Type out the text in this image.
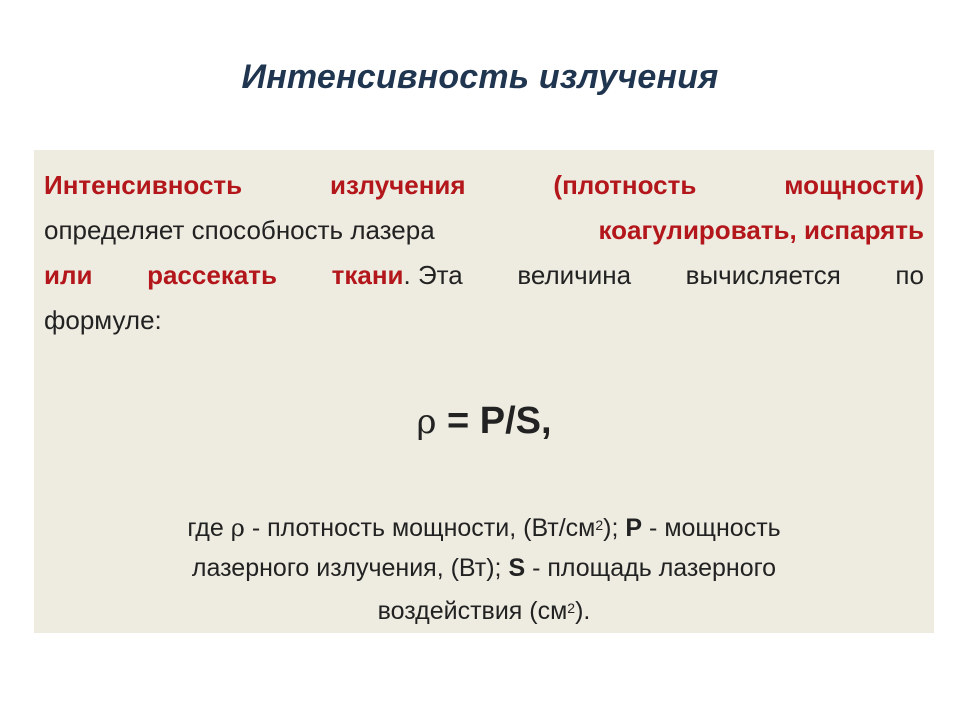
Интенсивность излучения
Интенсивность	излучения	(плотность	мощности)
определяет способность лазера	коагулировать, испарять
или рассекать ткани. Эта величина вычисляется по
формуле:
ρ = P/S,
где ρ - плотность мощности, $(Вт/см^2)$; P - мощность
лазерного излучения, (Вт); S - площадь лазерного
воздействия $(см^2)$.
